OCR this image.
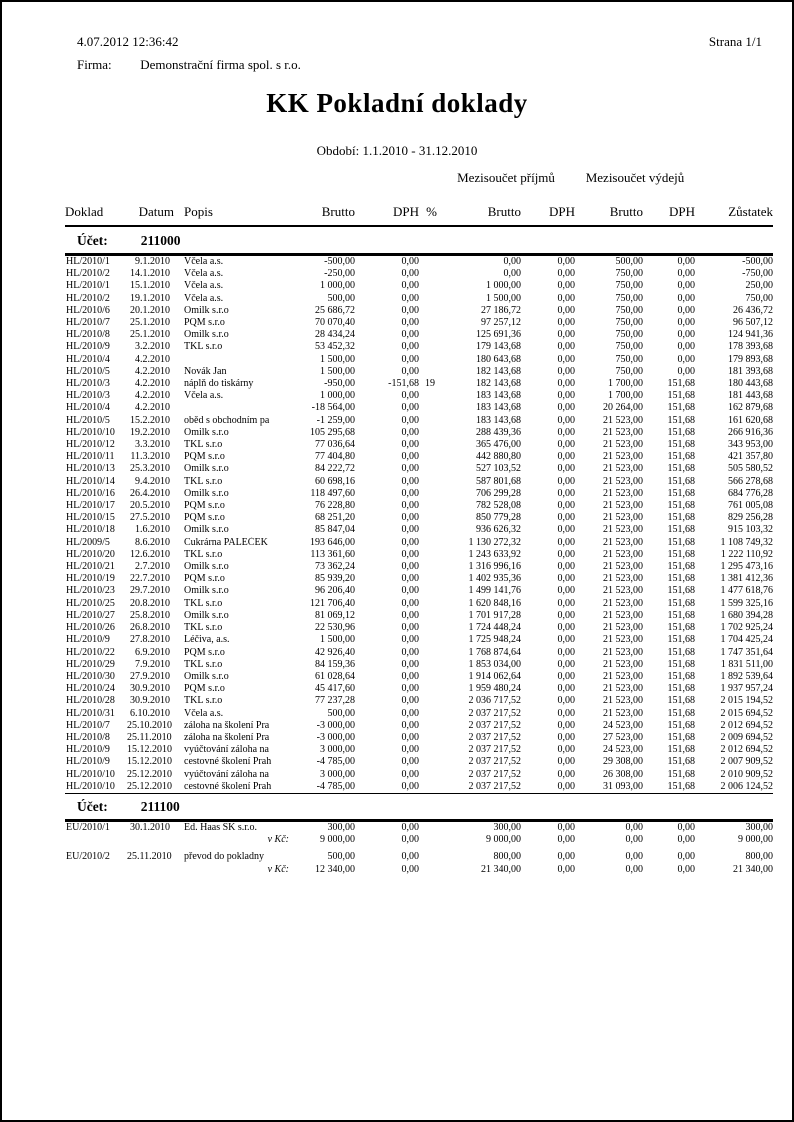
4.07.2012 12:36:42	Strana 1/1
Firma: Demonstrační firma spol. s r.o.
KK Pokladní doklady
Období: 1.1.2010 - 31.12.2010
						Mezisoučet příjmů		Mezisoučet výdejů		
Doklad	Datum	Popis	Brutto	DPH	%	Brutto	DPH	Brutto	DPH	Zůstatek
Účet: 211000										
HL/2010/1	9.1.2010	Včela a.s.	-500,00	0,00		0,00	0,00	500,00	0,00	-500,00
HL/2010/2	14.1.2010	Včela a.s.	-250,00	0,00		0,00	0,00	750,00	0,00	-750,00
HL/2010/1	15.1.2010	Včela a.s.	1 000,00	0,00		1 000,00	0,00	750,00	0,00	250,00
HL/2010/2	19.1.2010	Včela a.s.	500,00	0,00		1 500,00	0,00	750,00	0,00	750,00
HL/2010/6	20.1.2010	Omilk s.r.o	25 686,72	0,00		27 186,72	0,00	750,00	0,00	26 436,72
HL/2010/7	25.1.2010	PQM s.r.o	70 070,40	0,00		97 257,12	0,00	750,00	0,00	96 507,12
HL/2010/8	25.1.2010	Omilk s.r.o	28 434,24	0,00		125 691,36	0,00	750,00	0,00	124 941,36
HL/2010/9	3.2.2010	TKL s.r.o	53 452,32	0,00		179 143,68	0,00	750,00	0,00	178 393,68
HL/2010/4	4.2.2010		1 500,00	0,00		180 643,68	0,00	750,00	0,00	179 893,68
HL/2010/5	4.2.2010	Novák Jan	1 500,00	0,00		182 143,68	0,00	750,00	0,00	181 393,68
HL/2010/3	4.2.2010	náplň do tiskárny	-950,00	-151,68	19	182 143,68	0,00	1 700,00	151,68	180 443,68
HL/2010/3	4.2.2010	Včela a.s.	1 000,00	0,00		183 143,68	0,00	1 700,00	151,68	181 443,68
HL/2010/4	4.2.2010		-18 564,00	0,00		183 143,68	0,00	20 264,00	151,68	162 879,68
HL/2010/5	15.2.2010	oběd s obchodním pa	-1 259,00	0,00		183 143,68	0,00	21 523,00	151,68	161 620,68
HL/2010/10	19.2.2010	Omilk s.r.o	105 295,68	0,00		288 439,36	0,00	21 523,00	151,68	266 916,36
HL/2010/12	3.3.2010	TKL s.r.o	77 036,64	0,00		365 476,00	0,00	21 523,00	151,68	343 953,00
HL/2010/11	11.3.2010	PQM s.r.o	77 404,80	0,00		442 880,80	0,00	21 523,00	151,68	421 357,80
HL/2010/13	25.3.2010	Omilk s.r.o	84 222,72	0,00		527 103,52	0,00	21 523,00	151,68	505 580,52
HL/2010/14	9.4.2010	TKL s.r.o	60 698,16	0,00		587 801,68	0,00	21 523,00	151,68	566 278,68
HL/2010/16	26.4.2010	Omilk s.r.o	118 497,60	0,00		706 299,28	0,00	21 523,00	151,68	684 776,28
HL/2010/17	20.5.2010	PQM s.r.o	76 228,80	0,00		782 528,08	0,00	21 523,00	151,68	761 005,08
HL/2010/15	27.5.2010	PQM s.r.o	68 251,20	0,00		850 779,28	0,00	21 523,00	151,68	829 256,28
HL/2010/18	1.6.2010	Omilk s.r.o	85 847,04	0,00		936 626,32	0,00	21 523,00	151,68	915 103,32
HL/2009/5	8.6.2010	Cukrárna PALEČEK	193 646,00	0,00		1 130 272,32	0,00	21 523,00	151,68	1 108 749,32
HL/2010/20	12.6.2010	TKL s.r.o	113 361,60	0,00		1 243 633,92	0,00	21 523,00	151,68	1 222 110,92
HL/2010/21	2.7.2010	Omilk s.r.o	73 362,24	0,00		1 316 996,16	0,00	21 523,00	151,68	1 295 473,16
HL/2010/19	22.7.2010	PQM s.r.o	85 939,20	0,00		1 402 935,36	0,00	21 523,00	151,68	1 381 412,36
HL/2010/23	29.7.2010	Omilk s.r.o	96 206,40	0,00		1 499 141,76	0,00	21 523,00	151,68	1 477 618,76
HL/2010/25	20.8.2010	TKL s.r.o	121 706,40	0,00		1 620 848,16	0,00	21 523,00	151,68	1 599 325,16
HL/2010/27	25.8.2010	Omilk s.r.o	81 069,12	0,00		1 701 917,28	0,00	21 523,00	151,68	1 680 394,28
HL/2010/26	26.8.2010	TKL s.r.o	22 530,96	0,00		1 724 448,24	0,00	21 523,00	151,68	1 702 925,24
HL/2010/9	27.8.2010	Léčiva, a.s.	1 500,00	0,00		1 725 948,24	0,00	21 523,00	151,68	1 704 425,24
HL/2010/22	6.9.2010	PQM s.r.o	42 926,40	0,00		1 768 874,64	0,00	21 523,00	151,68	1 747 351,64
HL/2010/29	7.9.2010	TKL s.r.o	84 159,36	0,00		1 853 034,00	0,00	21 523,00	151,68	1 831 511,00
HL/2010/30	27.9.2010	Omilk s.r.o	61 028,64	0,00		1 914 062,64	0,00	21 523,00	151,68	1 892 539,64
HL/2010/24	30.9.2010	PQM s.r.o	45 417,60	0,00		1 959 480,24	0,00	21 523,00	151,68	1 937 957,24
HL/2010/28	30.9.2010	TKL s.r.o	77 237,28	0,00		2 036 717,52	0,00	21 523,00	151,68	2 015 194,52
HL/2010/31	6.10.2010	Včela a.s.	500,00	0,00		2 037 217,52	0,00	21 523,00	151,68	2 015 694,52
HL/2010/7	25.10.2010	záloha na školení Pra	-3 000,00	0,00		2 037 217,52	0,00	24 523,00	151,68	2 012 694,52
HL/2010/8	25.11.2010	záloha na školení Pra	-3 000,00	0,00		2 037 217,52	0,00	27 523,00	151,68	2 009 694,52
HL/2010/9	15.12.2010	vyúčtování záloha na	3 000,00	0,00		2 037 217,52	0,00	24 523,00	151,68	2 012 694,52
HL/2010/9	15.12.2010	cestovné školení Prah	-4 785,00	0,00		2 037 217,52	0,00	29 308,00	151,68	2 007 909,52
HL/2010/10	25.12.2010	vyúčtování záloha na	3 000,00	0,00		2 037 217,52	0,00	26 308,00	151,68	2 010 909,52
HL/2010/10	25.12.2010	cestovné školení Prah	-4 785,00	0,00		2 037 217,52	0,00	31 093,00	151,68	2 006 124,52
Účet: 211100										
EU/2010/1	30.1.2010	Ed. Haas SK s.r.o.	300,00	0,00		300,00	0,00	0,00	0,00	300,00
		v Kč:	9 000,00	0,00		9 000,00	0,00	0,00	0,00	9 000,00
EU/2010/2	25.11.2010	převod do pokladny	500,00	0,00		800,00	0,00	0,00	0,00	800,00
		v Kč:	12 340,00	0,00		21 340,00	0,00	0,00	0,00	21 340,00
